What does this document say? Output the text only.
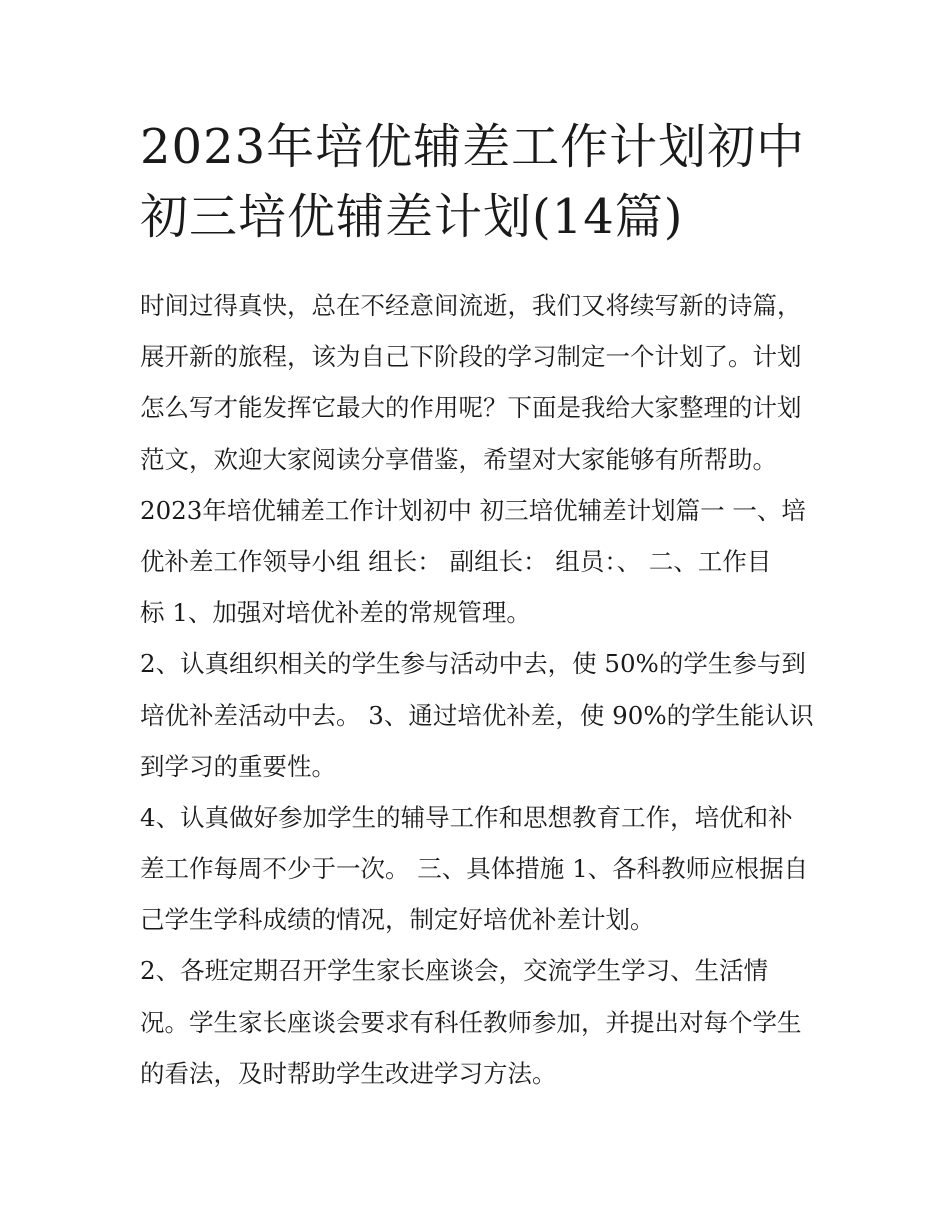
2023年培优辅差工作计划初中
初三培优辅差计划(14篇)
时间过得真快，总在不经意间流逝，我们又将续写新的诗篇，
展开新的旅程，该为自己下阶段的学习制定一个计划了。计划
怎么写才能发挥它最大的作用呢？下面是我给大家整理的计划
范文，欢迎大家阅读分享借鉴，希望对大家能够有所帮助。
2023年培优辅差工作计划初中 初三培优辅差计划篇一 一、培
优补差工作领导小组 组长： 副组长： 组员：、 二、工作目
标 1、加强对培优补差的常规管理。
2、认真组织相关的学生参与活动中去，使 50%的学生参与到
培优补差活动中去。 3、通过培优补差，使 90%的学生能认识
到学习的重要性。
4、认真做好参加学生的辅导工作和思想教育工作，培优和补
差工作每周不少于一次。 三、具体措施 1、各科教师应根据自
己学生学科成绩的情况，制定好培优补差计划。
2、各班定期召开学生家长座谈会，交流学生学习、生活情
况。学生家长座谈会要求有科任教师参加，并提出对每个学生
的看法，及时帮助学生改进学习方法。
